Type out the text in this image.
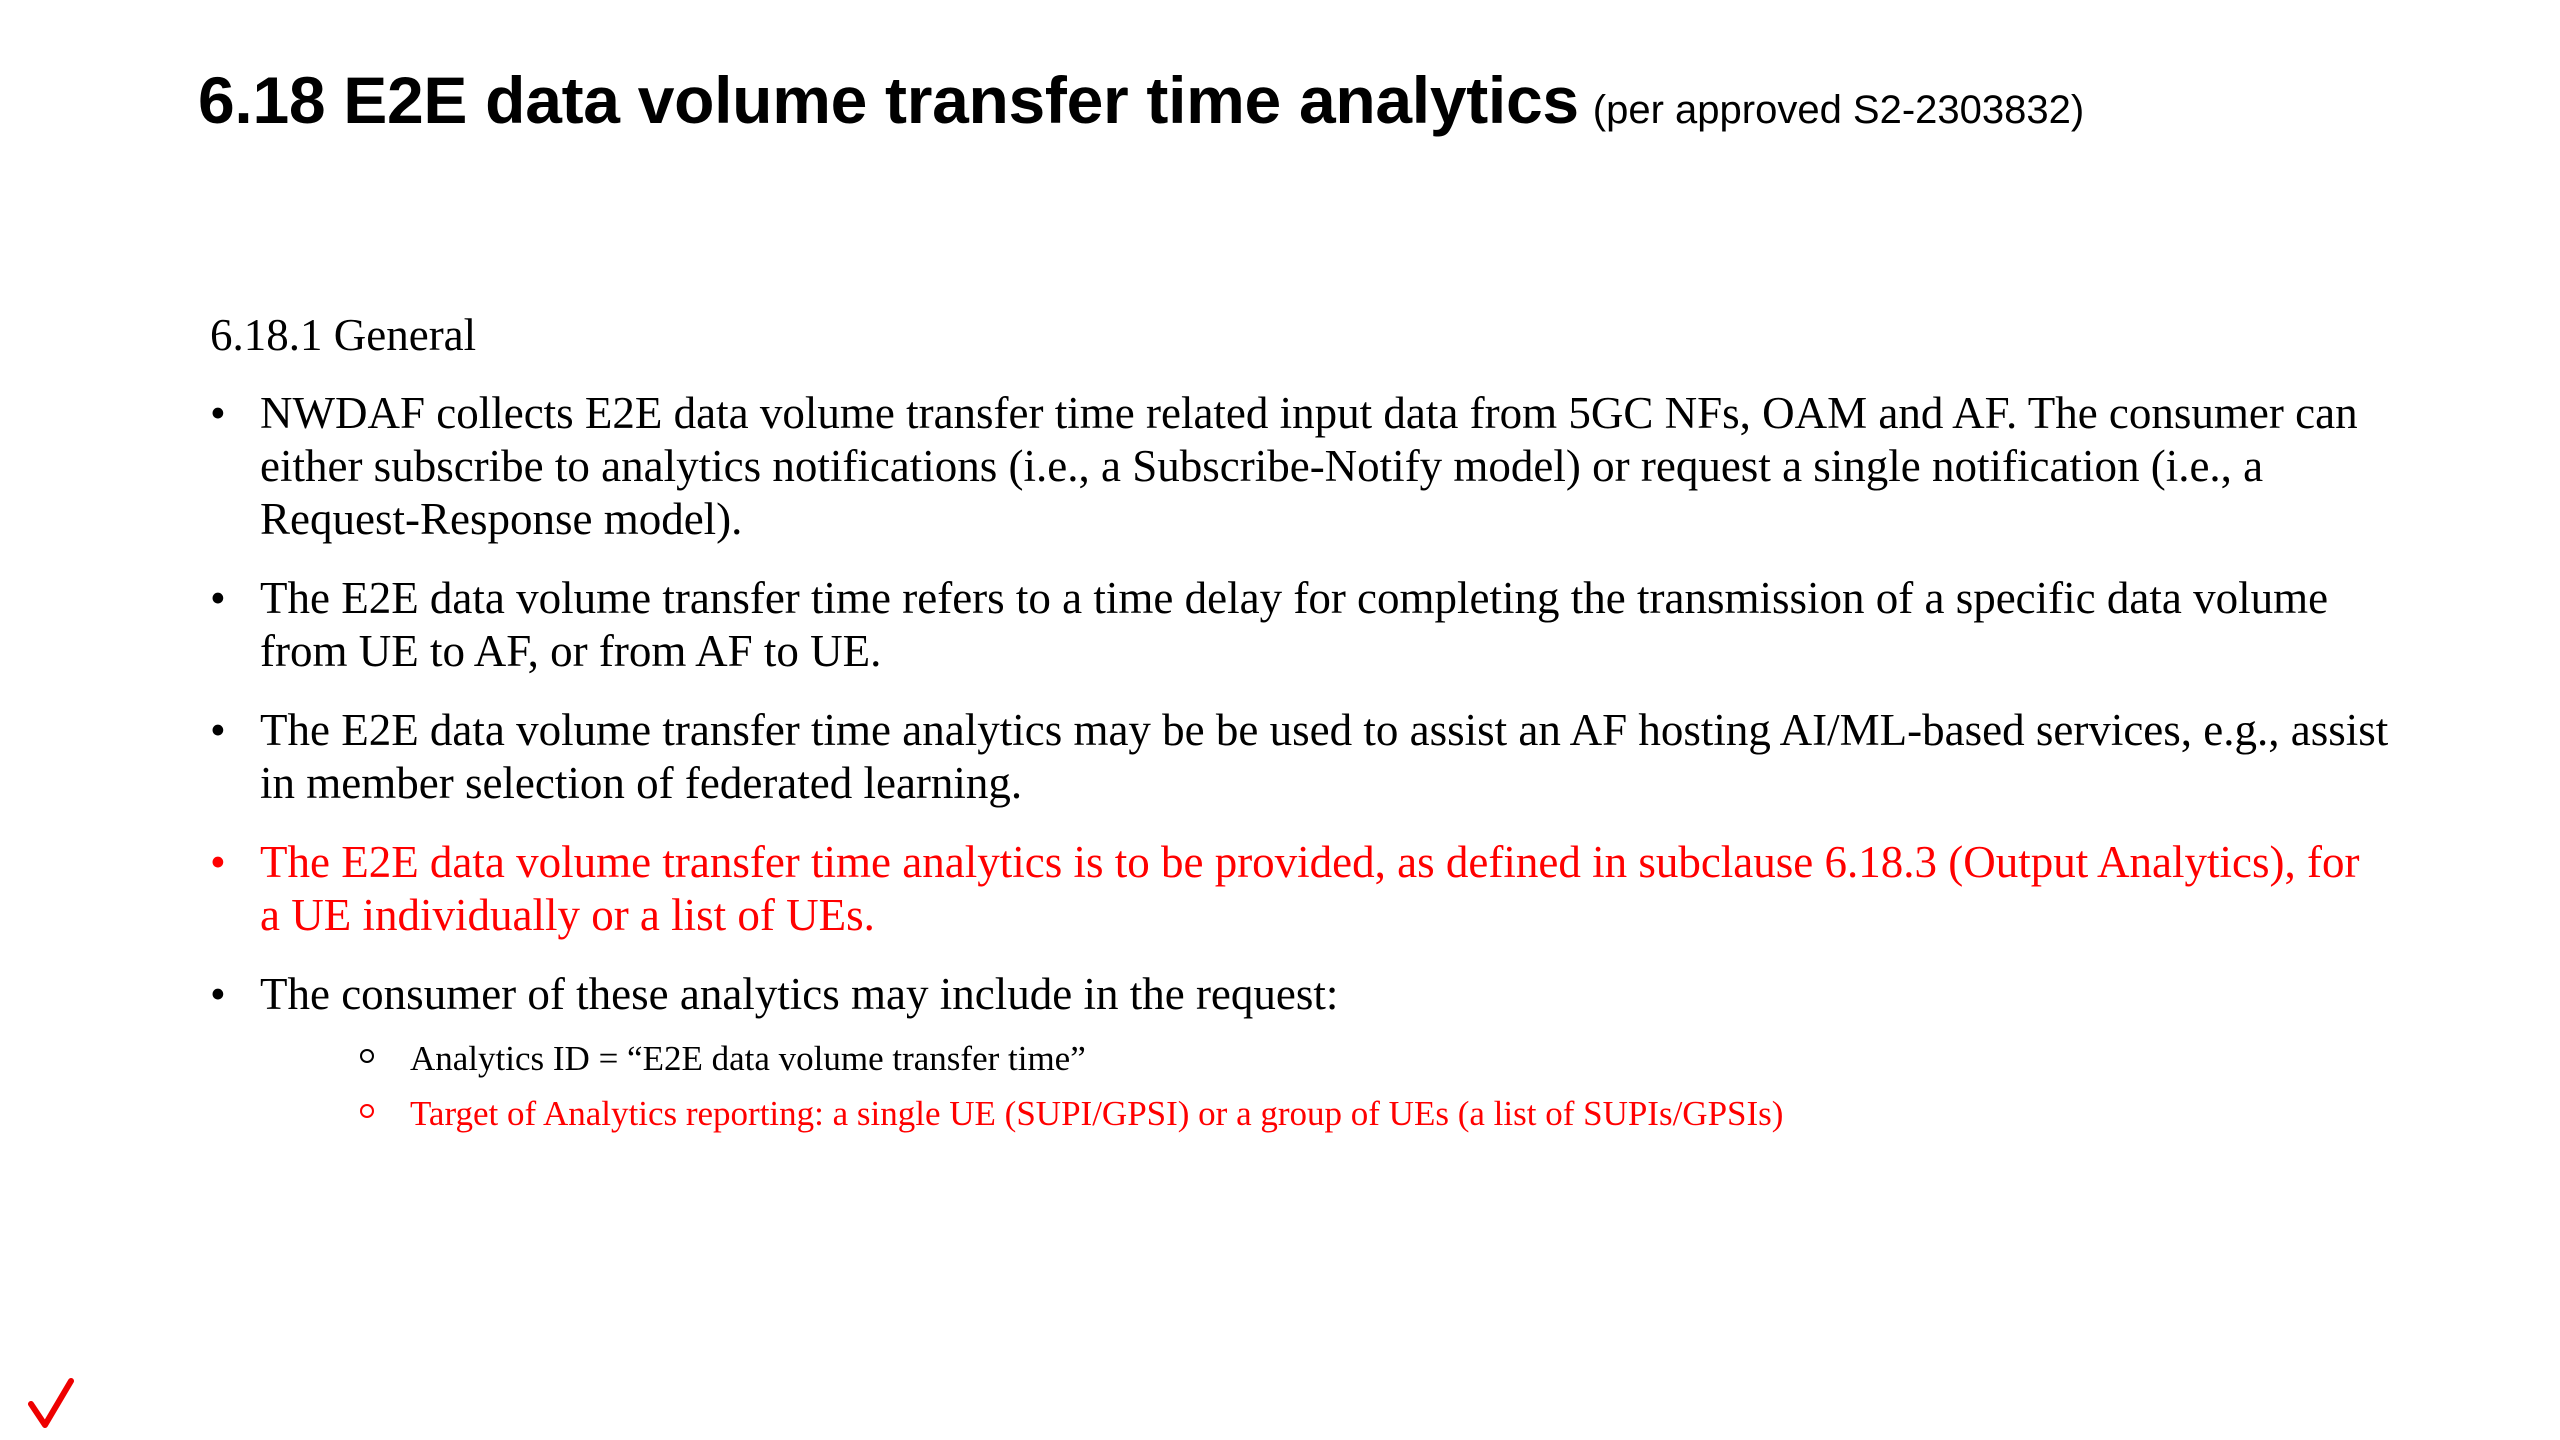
6.18 E2E data volume transfer time analytics (per approved S2-2303832)
6.18.1 General
• NWDAF collects E2E data volume transfer time related input data from 5GC NFs, OAM and AF. The consumer can either subscribe to analytics notifications (i.e., a Subscribe-Notify model) or request a single notification (i.e., a Request-Response model).
• The E2E data volume transfer time refers to a time delay for completing the transmission of a specific data volume from UE to AF, or from AF to UE.
• The E2E data volume transfer time analytics may be be used to assist an AF hosting AI/ML-based services, e.g., assist in member selection of federated learning.
• The E2E data volume transfer time analytics is to be provided, as defined in subclause 6.18.3 (Output Analytics), for a UE individually or a list of UEs.
• The consumer of these analytics may include in the request:
Analytics ID = “E2E data volume transfer time”
Target of Analytics reporting: a single UE (SUPI/GPSI) or a group of UEs (a list of SUPIs/GPSIs)
